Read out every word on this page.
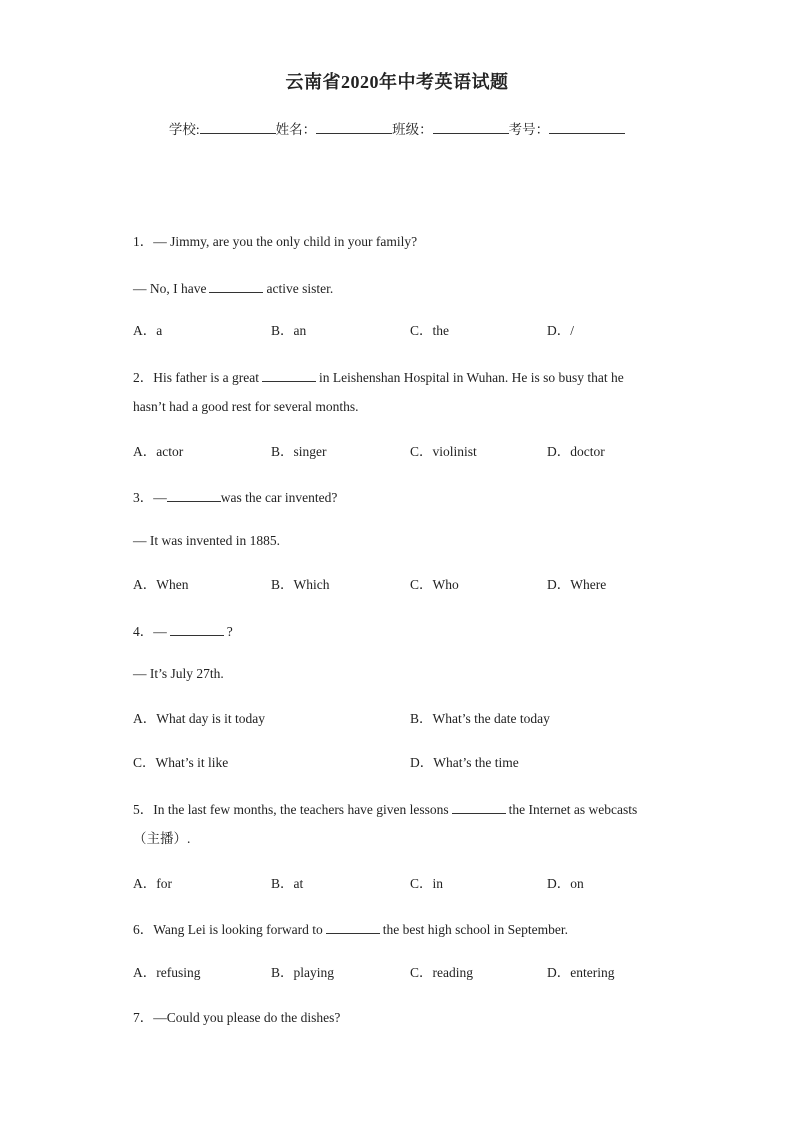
云南省2020年中考英语试题
学校:	姓名：	班级：	考号：
1．— Jimmy, are you the only child in your family?
— No, I have	active sister.
A．a	B．an	C．the	D．/
2．His father is a great	in Leishenshan Hospital in Wuhan. He is so busy that he
hasn’t had a good rest for several months.
A．actor	B．singer	C．violinist	D．doctor
3．—	was the car invented?
— It was invented in 1885.
A．When	B．Which	C．Who	D．Where
4．—	?
— It’s July 27th.
A．What day is it today	B．What’s the date today
C．What’s it like	D．What’s the time
5．In the last few months, the teachers have given lessons	the Internet as webcasts
（主播）.
A．for	B．at	C．in	D．on
6．Wang Lei is looking forward to	the best high school in September.
A．refusing	B．playing	C．reading	D．entering
7．—Could you please do the dishes?
